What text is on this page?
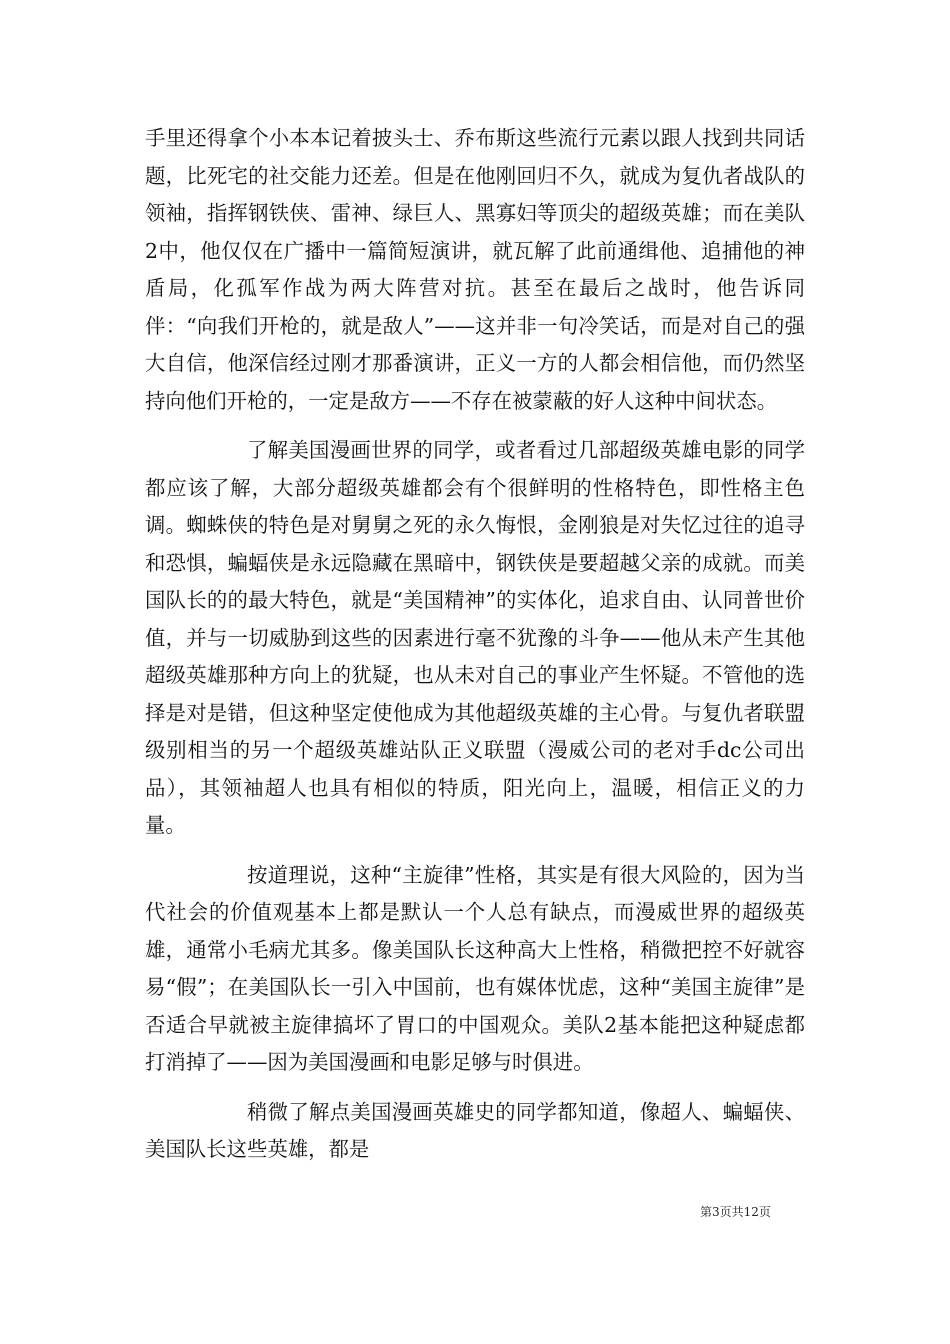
手里还得拿个小本本记着披头士、乔布斯这些流行元素以跟人找到共同话题，比死宅的社交能力还差。但是在他刚回归不久，就成为复仇者战队的领袖，指挥钢铁侠、雷神、绿巨人、黑寡妇等顶尖的超级英雄；而在美队2中，他仅仅在广播中一篇简短演讲，就瓦解了此前通缉他、追捕他的神盾局，化孤军作战为两大阵营对抗。甚至在最后之战时，他告诉同伴：“向我们开枪的，就是敌人”——这并非一句冷笑话，而是对自己的强大自信，他深信经过刚才那番演讲，正义一方的人都会相信他，而仍然坚持向他们开枪的，一定是敌方——不存在被蒙蔽的好人这种中间状态。

了解美国漫画世界的同学，或者看过几部超级英雄电影的同学都应该了解，大部分超级英雄都会有个很鲜明的性格特色，即性格主色调。蜘蛛侠的特色是对舅舅之死的永久悔恨，金刚狼是对失忆过往的追寻和恐惧，蝙蝠侠是永远隐藏在黑暗中，钢铁侠是要超越父亲的成就。而美国队长的的最大特色，就是“美国精神”的实体化，追求自由、认同普世价值，并与一切威胁到这些的因素进行毫不犹豫的斗争——他从未产生其他超级英雄那种方向上的犹疑，也从未对自己的事业产生怀疑。不管他的选择是对是错，但这种坚定使他成为其他超级英雄的主心骨。与复仇者联盟级别相当的另一个超级英雄站队正义联盟（漫威公司的老对手dc公司出品），其领袖超人也具有相似的特质，阳光向上，温暖，相信正义的力量。

按道理说，这种“主旋律”性格，其实是有很大风险的，因为当代社会的价值观基本上都是默认一个人总有缺点，而漫威世界的超级英雄，通常小毛病尤其多。像美国队长这种高大上性格，稍微把控不好就容易“假”；在美国队长一引入中国前，也有媒体忧虑，这种“美国主旋律”是否适合早就被主旋律搞坏了胃口的中国观众。美队2基本能把这种疑虑都打消掉了——因为美国漫画和电影足够与时俱进。

稍微了解点美国漫画英雄史的同学都知道，像超人、蝙蝠侠、美国队长这些英雄，都是

第3页共12页
